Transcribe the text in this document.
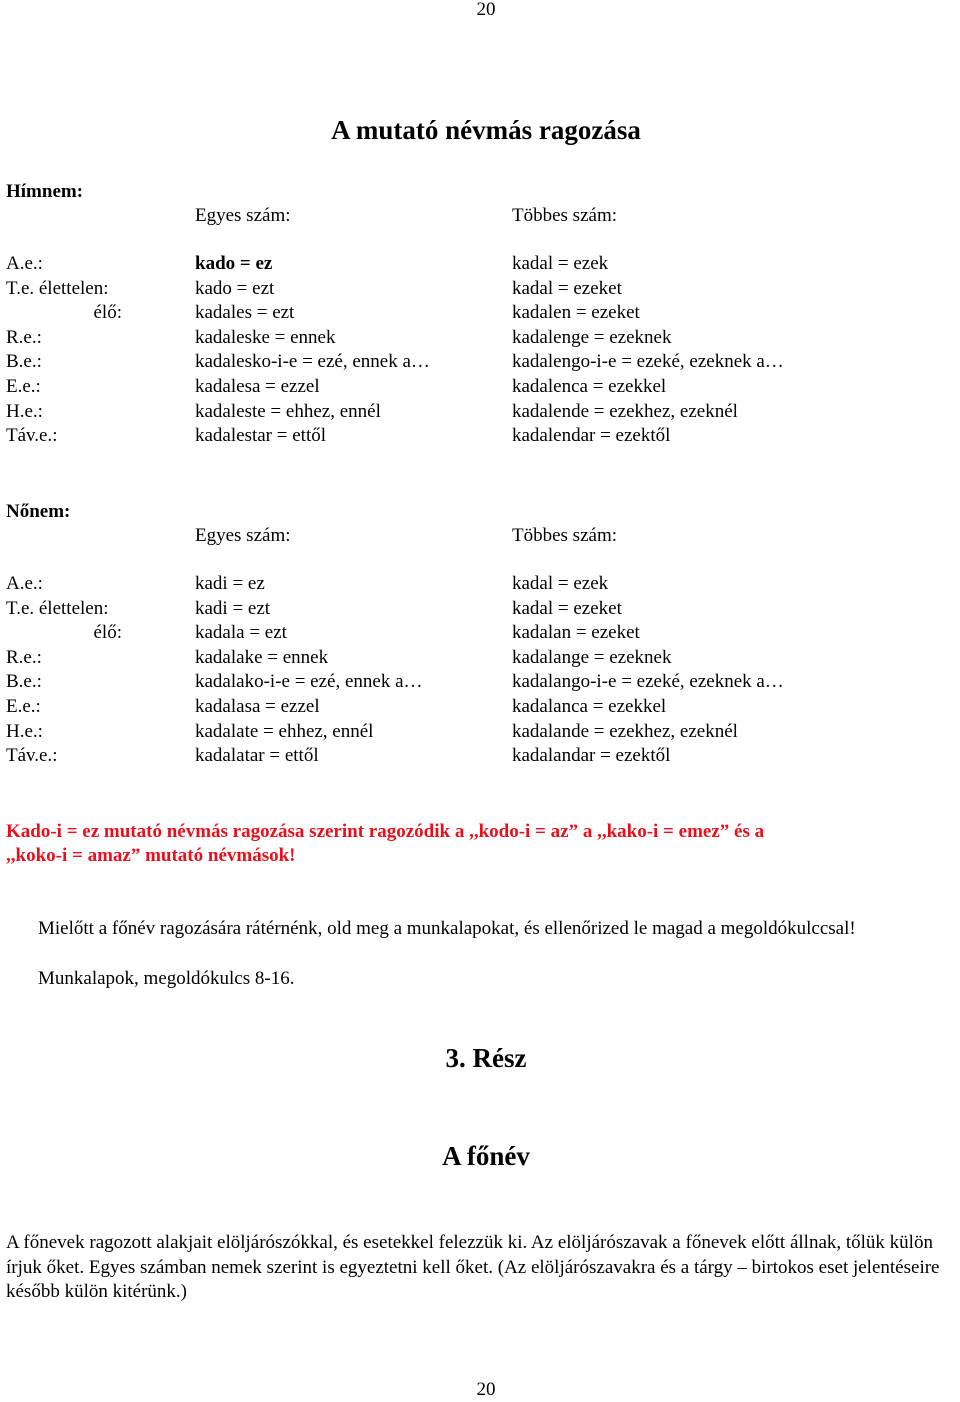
20
A mutató névmás ragozása
Hímnem:
Egyes szám:	Többes szám:
A.e.:	kado = ez	kadal = ezek
T.e. élettelen:	kado = ezt	kadal = ezeket
élő:	kadales = ezt	kadalen = ezeket
R.e.:	kadaleske = ennek	kadalenge = ezeknek
B.e.:	kadalesko-i-e = ezé, ennek a…	kadalengo-i-e = ezeké, ezeknek a…
E.e.:	kadalesa = ezzel	kadalenca = ezekkel
H.e.:	kadaleste = ehhez, ennél	kadalende = ezekhez, ezeknél
Táv.e.:	kadalestar = ettől	kadalendar = ezektől
Nőnem:
Egyes szám:	Többes szám:
A.e.:	kadi = ez	kadal = ezek
T.e. élettelen:	kadi = ezt	kadal = ezeket
élő:	kadala = ezt	kadalan = ezeket
R.e.:	kadalake = ennek	kadalange = ezeknek
B.e.:	kadalako-i-e = ezé, ennek a…	kadalango-i-e = ezeké, ezeknek a…
E.e.:	kadalasa = ezzel	kadalanca = ezekkel
H.e.:	kadalate = ehhez, ennél	kadalande = ezekhez, ezeknél
Táv.e.:	kadalatar = ettől	kadalandar = ezektől
Kado-i = ez mutató névmás ragozása szerint ragozódik a ,,kodo-i = az” a ,,kako-i = emez” és a
,,koko-i = amaz” mutató névmások!
Mielőtt a főnév ragozására rátérnénk, old meg a munkalapokat, és ellenőrized le magad a megoldókulccsal!
Munkalapok, megoldókulcs 8-16.
3. Rész
A főnév
A főnevek ragozott alakjait elöljárószókkal, és esetekkel felezzük ki. Az elöljárószavak a főnevek előtt állnak, tőlük külön írjuk őket. Egyes számban nemek szerint is egyeztetni kell őket. (Az elöljárószavakra és a tárgy – birtokos eset jelentéseire később külön kitérünk.)
20
